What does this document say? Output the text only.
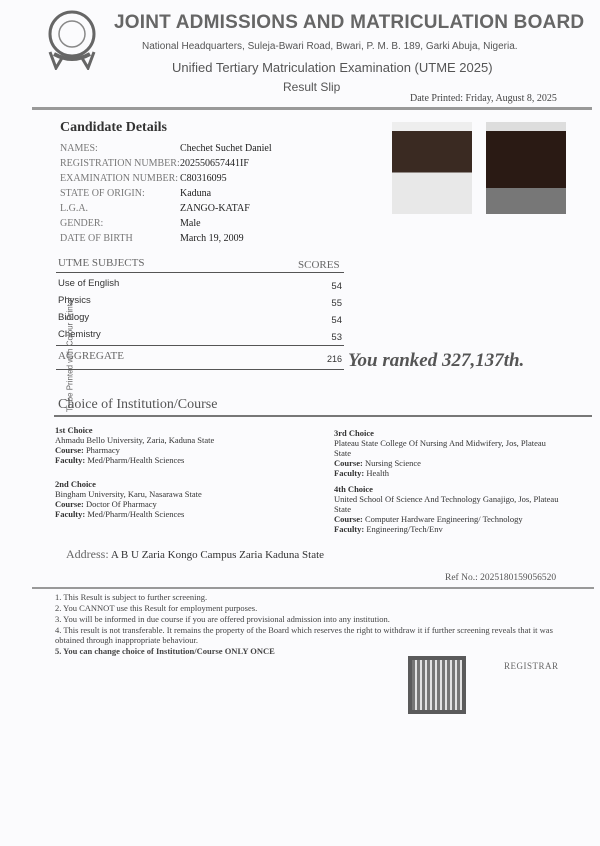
JOINT ADMISSIONS AND MATRICULATION BOARD
National Headquarters, Suleja-Bwari Road, Bwari, P. M. B. 189, Garki Abuja, Nigeria.
Unified Tertiary Matriculation Examination (UTME 2025)
Result Slip
Date Printed: Friday, August 8, 2025
Candidate Details
NAMES:	Chechet Suchet Daniel
REGISTRATION NUMBER: 202550657441IF
EXAMINATION NUMBER: C80316095
STATE OF ORIGIN:	Kaduna
L.G.A.	ZANGO-KATAF
GENDER:	Male
DATE OF BIRTH	March 19, 2009
UTME SUBJECTS	SCORES
Use of English	54
Physics	55
Biology	54
Chemistry	53
AGGREGATE	216 You ranked 327,137th.
To be Printed with Colour Printer
Choice of Institution/Course
1st Choice
Ahmadu Bello University, Zaria, Kaduna State
Course: Pharmacy
Faculty: Med/Pharm/Health Sciences
2nd Choice
Bingham University, Karu, Nasarawa State
Course: Doctor Of Pharmacy
Faculty: Med/Pharm/Health Sciences
3rd Choice
Plateau State College Of Nursing And Midwifery, Jos, Plateau State
Course: Nursing Science
Faculty: Health
4th Choice
United School Of Science And Technology Ganajigo, Jos, Plateau State
Course: Computer Hardware Engineering/ Technology
Faculty: Engineering/Tech/Env
Address: A B U Zaria Kongo Campus Zaria Kaduna State
Ref No.: 2025180159056520
1. This Result is subject to further screening.
2. You CANNOT use this Result for employment purposes.
3. You will be informed in due course if you are offered provisional admission into any institution.
4. This result is not transferable. It remains the property of the Board which reserves the right to withdraw it if further screening reveals that it was obtained through inappropriate behaviour.
5. You can change choice of Institution/Course ONLY ONCE
REGISTRAR
